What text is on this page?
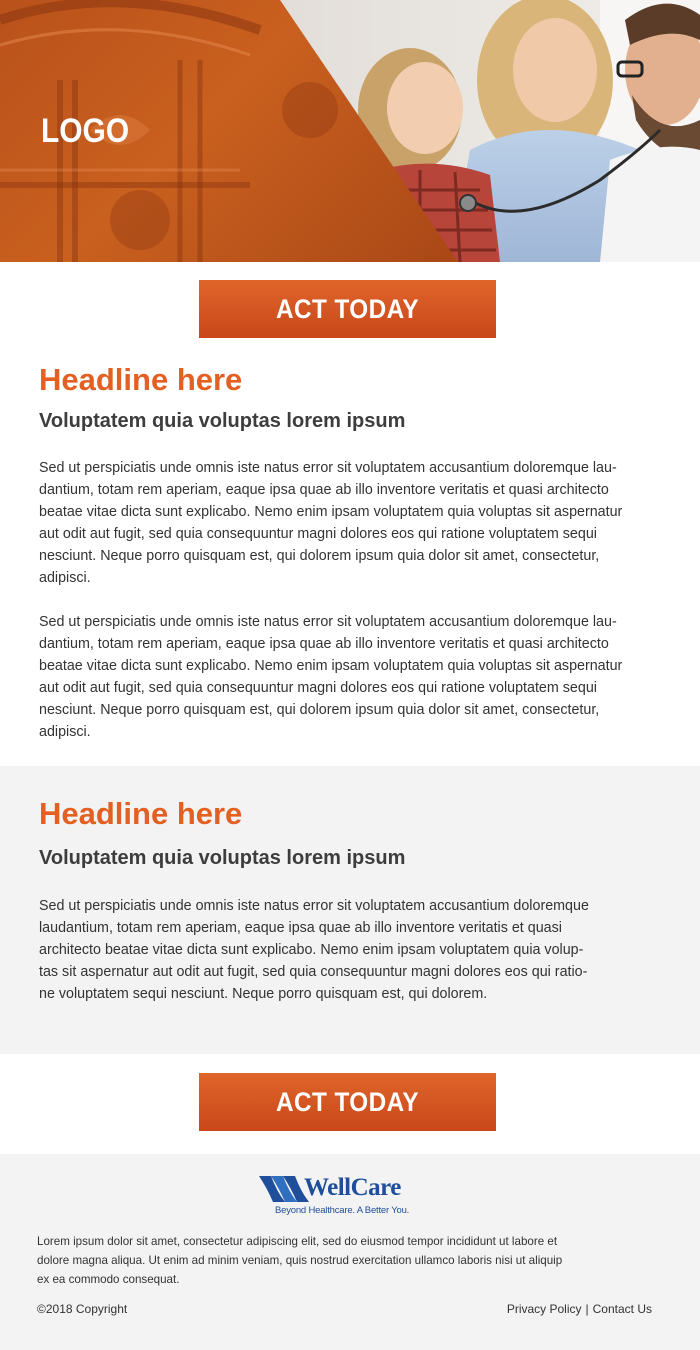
LOGO
ACT TODAY
Headline here
Voluptatem quia voluptas lorem ipsum

Sed ut perspiciatis unde omnis iste natus error sit voluptatem accusantium doloremque lau-
dantium, totam rem aperiam, eaque ipsa quae ab illo inventore veritatis et quasi architecto
beatae vitae dicta sunt explicabo. Nemo enim ipsam voluptatem quia voluptas sit aspernatur
aut odit aut fugit, sed quia consequuntur magni dolores eos qui ratione voluptatem sequi
nesciunt. Neque porro quisquam est, qui dolorem ipsum quia dolor sit amet, consectetur,
adipisci.

Sed ut perspiciatis unde omnis iste natus error sit voluptatem accusantium doloremque lau-
dantium, totam rem aperiam, eaque ipsa quae ab illo inventore veritatis et quasi architecto
beatae vitae dicta sunt explicabo. Nemo enim ipsam voluptatem quia voluptas sit aspernatur
aut odit aut fugit, sed quia consequuntur magni dolores eos qui ratione voluptatem sequi
nesciunt. Neque porro quisquam est, qui dolorem ipsum quia dolor sit amet, consectetur,
adipisci.

Headline here
Voluptatem quia voluptas lorem ipsum

Sed ut perspiciatis unde omnis iste natus error sit voluptatem accusantium doloremque
laudantium, totam rem aperiam, eaque ipsa quae ab illo inventore veritatis et quasi
architecto beatae vitae dicta sunt explicabo. Nemo enim ipsam voluptatem quia volup-
tas sit aspernatur aut odit aut fugit, sed quia consequuntur magni dolores eos qui ratio-
ne voluptatem sequi nesciunt. Neque porro quisquam est, qui dolorem.

ACT TODAY
WellCare
Beyond Healthcare. A Better You.

Lorem ipsum dolor sit amet, consectetur adipiscing elit, sed do eiusmod tempor incididunt ut labore et
dolore magna aliqua. Ut enim ad minim veniam, quis nostrud exercitation ullamco laboris nisi ut aliquip
ex ea commodo consequat.

©2018 Copyright	Privacy Policy | Contact Us
